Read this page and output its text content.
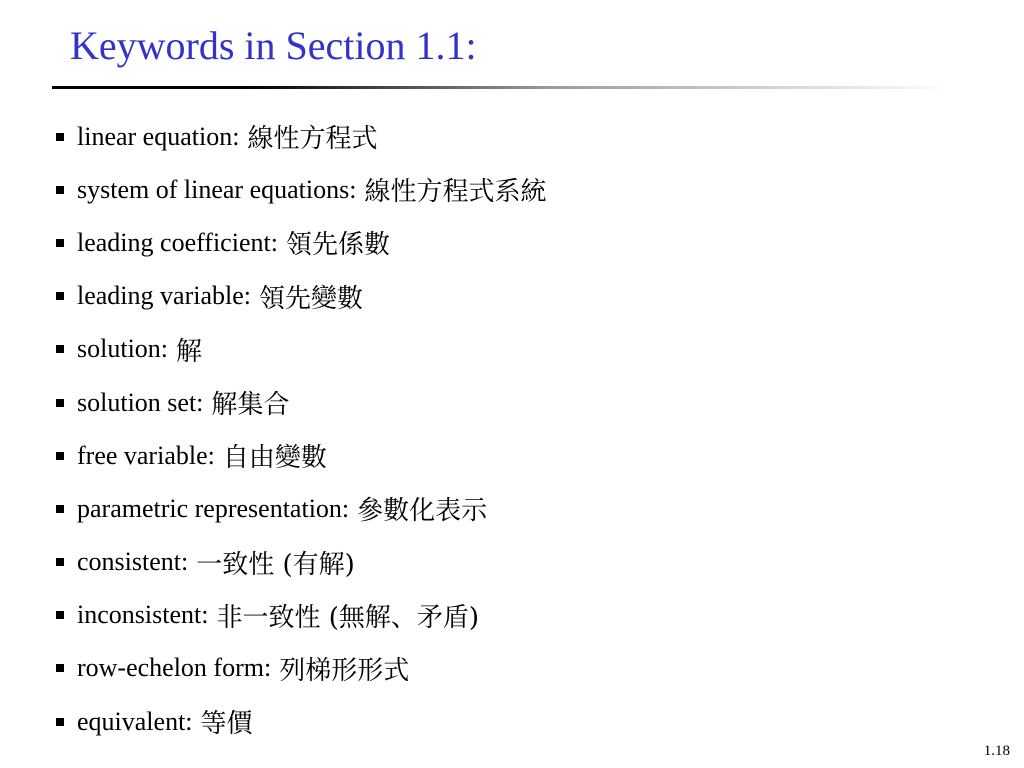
Keywords in Section 1.1:
linear equation: 線性方程式
system of linear equations: 線性方程式系統
leading coefficient: 領先係數
leading variable: 領先變數
solution: 解
solution set: 解集合
free variable: 自由變數
parametric representation: 參數化表示
consistent: 一致性 (有解)
inconsistent: 非一致性 (無解、矛盾)
row-echelon form: 列梯形形式
equivalent: 等價
1.18
